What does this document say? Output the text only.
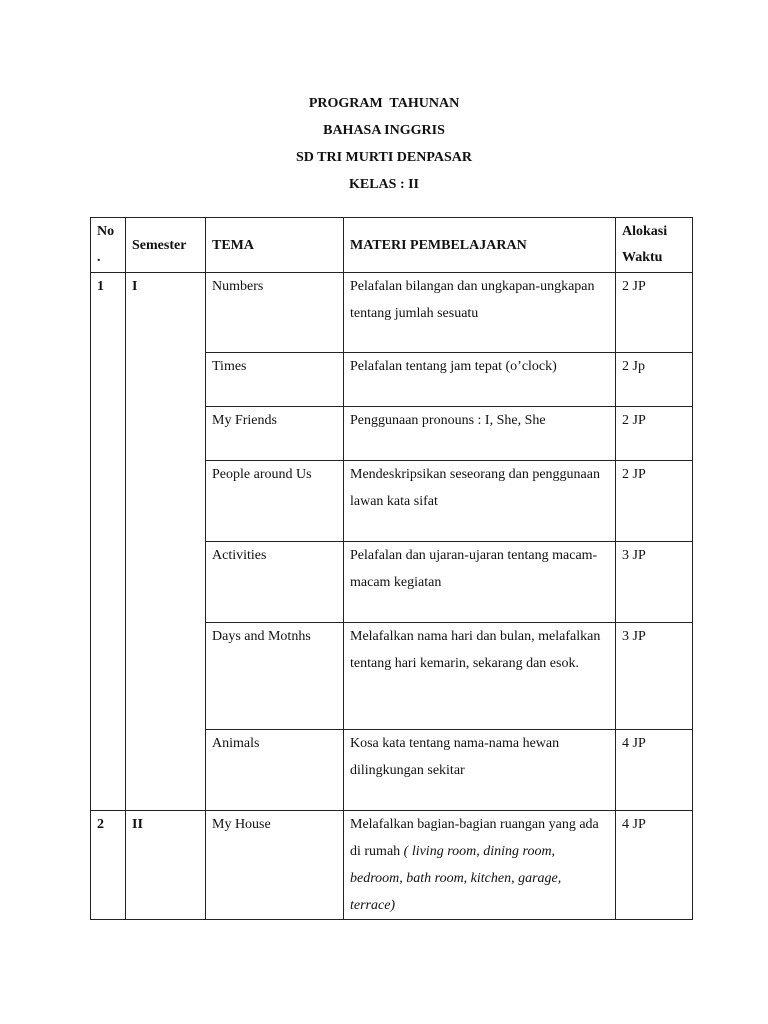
PROGRAM  TAHUNAN
BAHASA INGGRIS
SD TRI MURTI DENPASAR
KELAS : II
No
.	Semester	TEMA	MATERI PEMBELAJARAN	Alokasi Waktu
1	I	Numbers	Pelafalan bilangan dan ungkapan-ungkapan tentang jumlah sesuatu	2 JP
		Times	Pelafalan tentang jam tepat (o’clock)	2 Jp
		My Friends	Penggunaan pronouns : I, She, She	2 JP
		People around Us	Mendeskripsikan seseorang dan penggunaan lawan kata sifat	2 JP
		Activities	Pelafalan dan ujaran-ujaran tentang macam-macam kegiatan	3 JP
		Days and Motnhs	Melafalkan nama hari dan bulan, melafalkan tentang hari kemarin, sekarang dan esok.	3 JP
		Animals	Kosa kata tentang nama-nama hewan dilingkungan sekitar	4 JP
2	II	My House	Melafalkan bagian-bagian ruangan yang ada di rumah ( living room, dining room, bedroom, bath room, kitchen, garage, terrace)	4 JP
